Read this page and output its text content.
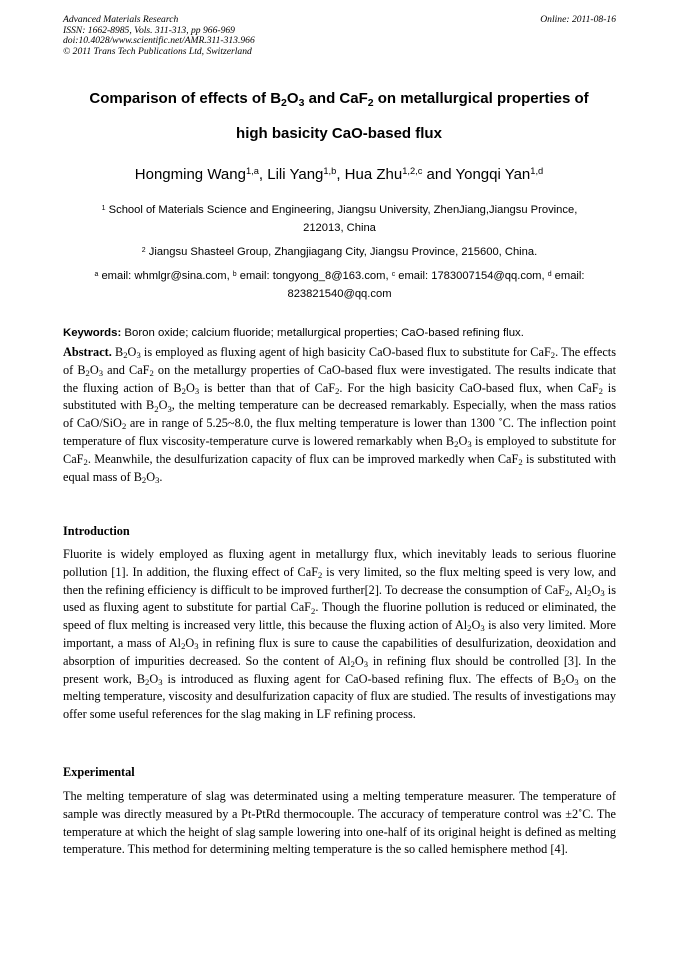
Advanced Materials Research	Online: 2011-08-16
ISSN: 1662-8985, Vols. 311-313, pp 966-969
doi:10.4028/www.scientific.net/AMR.311-313.966
© 2011 Trans Tech Publications Ltd, Switzerland
Comparison of effects of $B_2O_3$ and CaF$_2$ on metallurgical properties of
high basicity CaO-based flux
Hongming Wang$^{1,a}$, Lili Yang$^{1,b}$, Hua Zhu$^{1,2,c}$ and Yongqi Yan$^{1,d}$
$^1$ School of Materials Science and Engineering, Jiangsu University, ZhenJiang,Jiangsu Province,
212013, China
$^2$ Jiangsu Shasteel Group, Zhangjiagang City, Jiangsu Province, 215600, China.
$^a$ email: whmlgr@sina.com, $^b$ email: tongyong_8@163.com, $^c$ email: 1783007154@qq.com, $^d$ email:
823821540@qq.com
Keywords: Boron oxide; calcium fluoride; metallurgical properties; CaO-based refining flux.

Abstract. $B_2O_3$ is employed as fluxing agent of high basicity CaO-based flux to substitute for CaF$_2$. The effects of $B_2O_3$ and CaF$_2$ on the metallurgy properties of CaO-based flux were investigated. The results indicate that the fluxing action of $B_2O_3$ is better than that of CaF$_2$. For the high basicity CaO-based flux, when CaF$_2$ is substituted with $B_2O_3$, the melting temperature can be decreased remarkably. Especially, when the mass ratios of CaO/SiO$_2$ are in range of 5.25~8.0, the flux melting temperature is lower than 1300 ˚C. The inflection point temperature of flux viscosity-temperature curve is lowered remarkably when $B_2O_3$ is employed to substitute for CaF$_2$. Meanwhile, the desulfurization capacity of flux can be improved markedly when CaF$_2$ is substituted with equal mass of $B_2O_3$.

Introduction

Fluorite is widely employed as fluxing agent in metallurgy flux, which inevitably leads to serious fluorine pollution [1]. In addition, the fluxing effect of CaF$_2$ is very limited, so the flux melting speed is very low, and then the refining efficiency is difficult to be improved further[2]. To decrease the consumption of CaF$_2$, $Al_2O_3$ is used as fluxing agent to substitute for partial CaF$_2$. Though the fluorine pollution is reduced or eliminated, the speed of flux melting is increased very little, this because the fluxing action of $Al_2O_3$ is also very limited. More important, a mass of $Al_2O_3$ in refining flux is sure to cause the capabilities of desulfurization, deoxidation and absorption of impurities decreased. So the content of $Al_2O_3$ in refining flux should be controlled [3]. In the present work, $B_2O_3$ is introduced as fluxing agent for CaO-based refining flux. The effects of $B_2O_3$ on the melting temperature, viscosity and desulfurization capacity of flux are studied. The results of investigations may offer some useful references for the slag making in LF refining process.

Experimental
The melting temperature of slag was determinated using a melting temperature measurer. The temperature of sample was directly measured by a Pt-PtRd thermocouple. The accuracy of temperature control was ±2˚C. The temperature at which the height of slag sample lowering into one-half of its original height is defined as melting temperature. This method for determining melting temperature is the so called hemisphere method [4].
